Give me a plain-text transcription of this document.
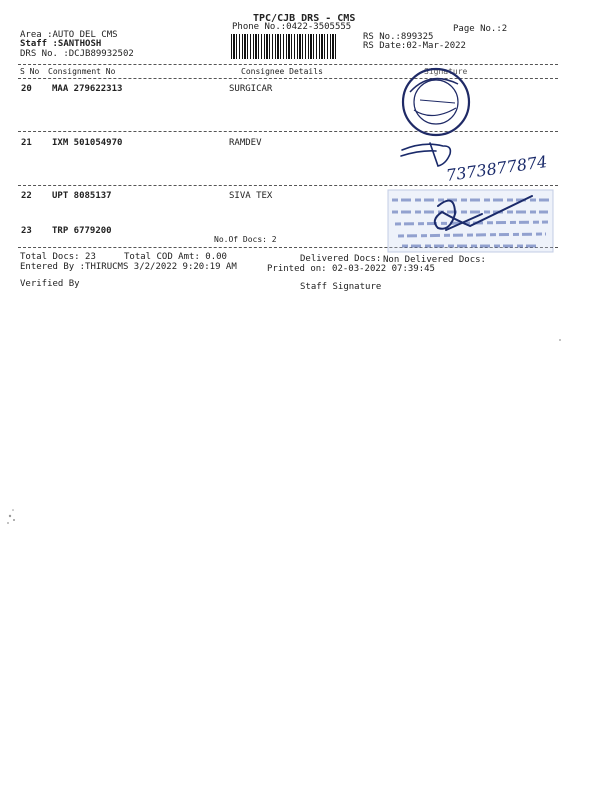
TPC/CJB DRS - CMS
Phone No.:0422-3505555
Area :AUTO DEL CMS
Staff :SANTHOSH
DRS No. :DCJB89932502
Page No.:2
RS No.:899325
RS Date:02-Mar-2022
S No Consignment No	Consignee Details	Signature
20 MAA 279622313	SURGICAR
21 IXM 501054970	RAMDEV
22 UPT 8085137	SIVA TEX
23 TRP 6779200
No.Of Docs: 2
Total Docs: 23	Total COD Amt: 0.00	Delivered Docs: Non Delivered Docs:
Entered By :THIRUCMS 3/2/2022 9:20:19 AM	Printed on: 02-03-2022 07:39:45
Verified By	Staff Signature
7373877874
